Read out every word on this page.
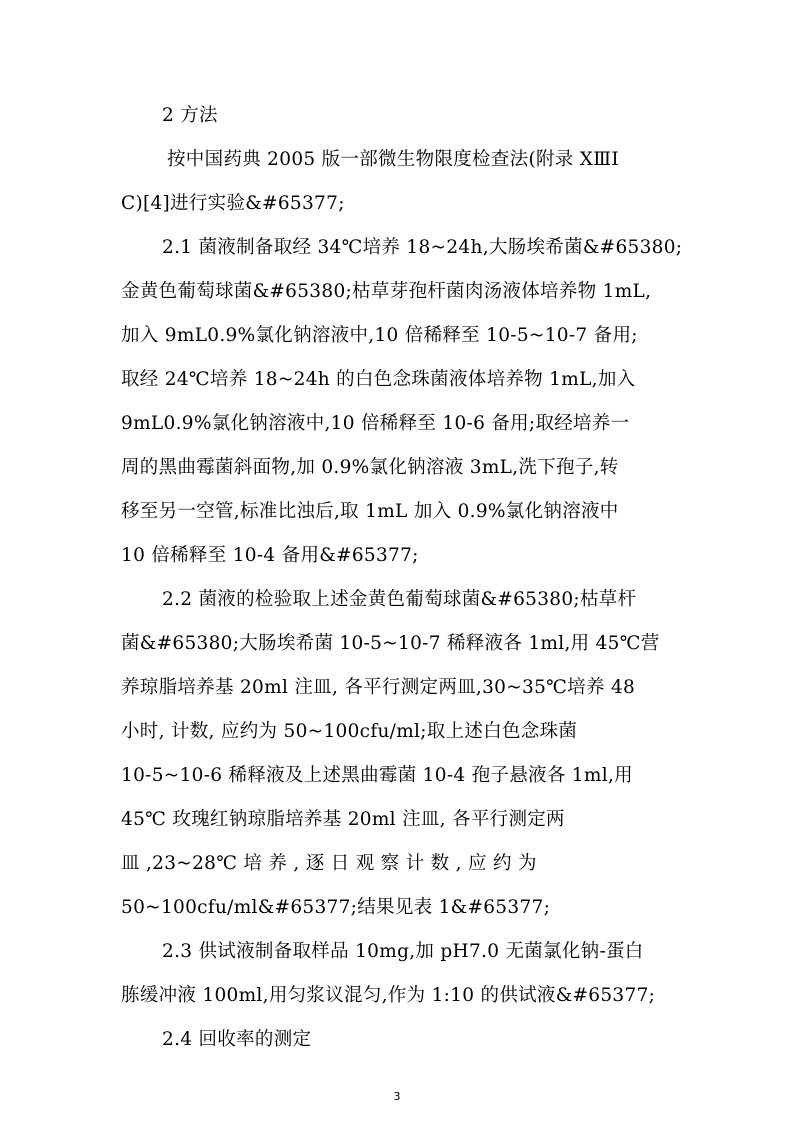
2 方法
按中国药典 2005 版一部微生物限度检查法(附录 XⅢI
C)[4]进行实验&#65377;
2.1 菌液制备取经 34℃培养 18~24h,大肠埃希菌&#65380;
金黄色葡萄球菌&#65380;枯草芽孢杆菌肉汤液体培养物 1mL,
加入 9mL0.9%氯化钠溶液中,10 倍稀释至 10-5~10-7 备用;
取经 24℃培养 18~24h 的白色念珠菌液体培养物 1mL,加入
9mL0.9%氯化钠溶液中,10 倍稀释至 10-6 备用;取经培养一
周的黑曲霉菌斜面物,加 0.9%氯化钠溶液 3mL,洗下孢子,转
移至另一空管,标准比浊后,取 1mL 加入 0.9%氯化钠溶液中
10 倍稀释至 10-4 备用&#65377;
2.2 菌液的检验取上述金黄色葡萄球菌&#65380;枯草杆
菌&#65380;大肠埃希菌 10-5~10-7 稀释液各 1ml,用 45℃营
养琼脂培养基 20ml 注皿, 各平行测定两皿,30~35℃培养 48
小时, 计数, 应约为 50~100cfu/ml;取上述白色念珠菌
10-5~10-6 稀释液及上述黑曲霉菌 10-4 孢子悬液各 1ml,用
45℃ 玫瑰红钠琼脂培养基 20ml 注皿, 各平行测定两
皿 ,23~28℃ 培 养 , 逐 日 观 察 计 数 , 应 约 为
50~100cfu/ml&#65377;结果见表 1&#65377;
2.3 供试液制备取样品 10mg,加 pH7.0 无菌氯化钠-蛋白
胨缓冲液 100ml,用匀浆议混匀,作为 1:10 的供试液&#65377;
2.4 回收率的测定
3
